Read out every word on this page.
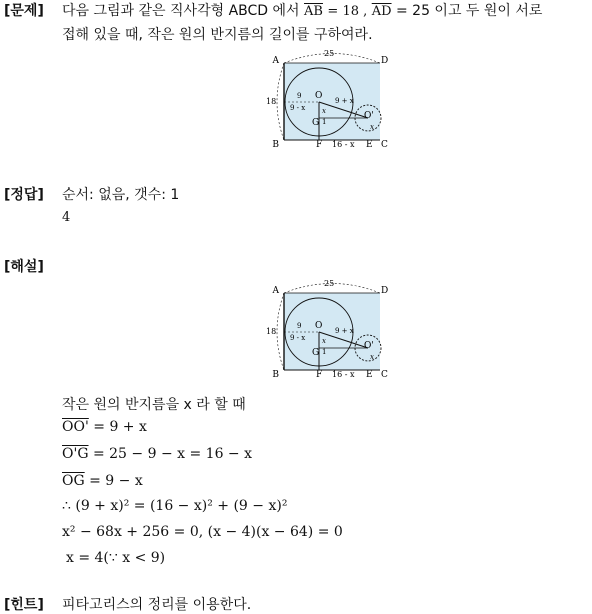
[문제] 다음 그림과 같은 직사각형 ABCD 에서 $\overline{AB} = 18$ , $\overline{AD} = 25$ 이고 두 원이 서로
접해 있을 때, 작은 원의 반지름의 길이를 구하여라.
A
B	C
D
E
F
G
O
O'
25
18
9
9 - x
9 + x
x
1
16 - x
x
[정답] 순서: 없음, 갯수: 1
4
[해설]
A
B	C
D
E
F
G
O
O'
25
18
9
9 - x
9 + x
x
1
16 - x
x
작은 원의 반지름을 x 라 할 때
OO' = 9 + x
O'G = 25 − 9 − x = 16 − x
$\overline{OG} = 9 - x$
∴ (9 + x)² = (16 − x)² + (9 − x)²
x² − 68x + 256 = 0, (x − 4)(x − 64) = 0
x = 4(∵ x < 9)
[힌트] 피타고리스의 정리를 이용한다.
